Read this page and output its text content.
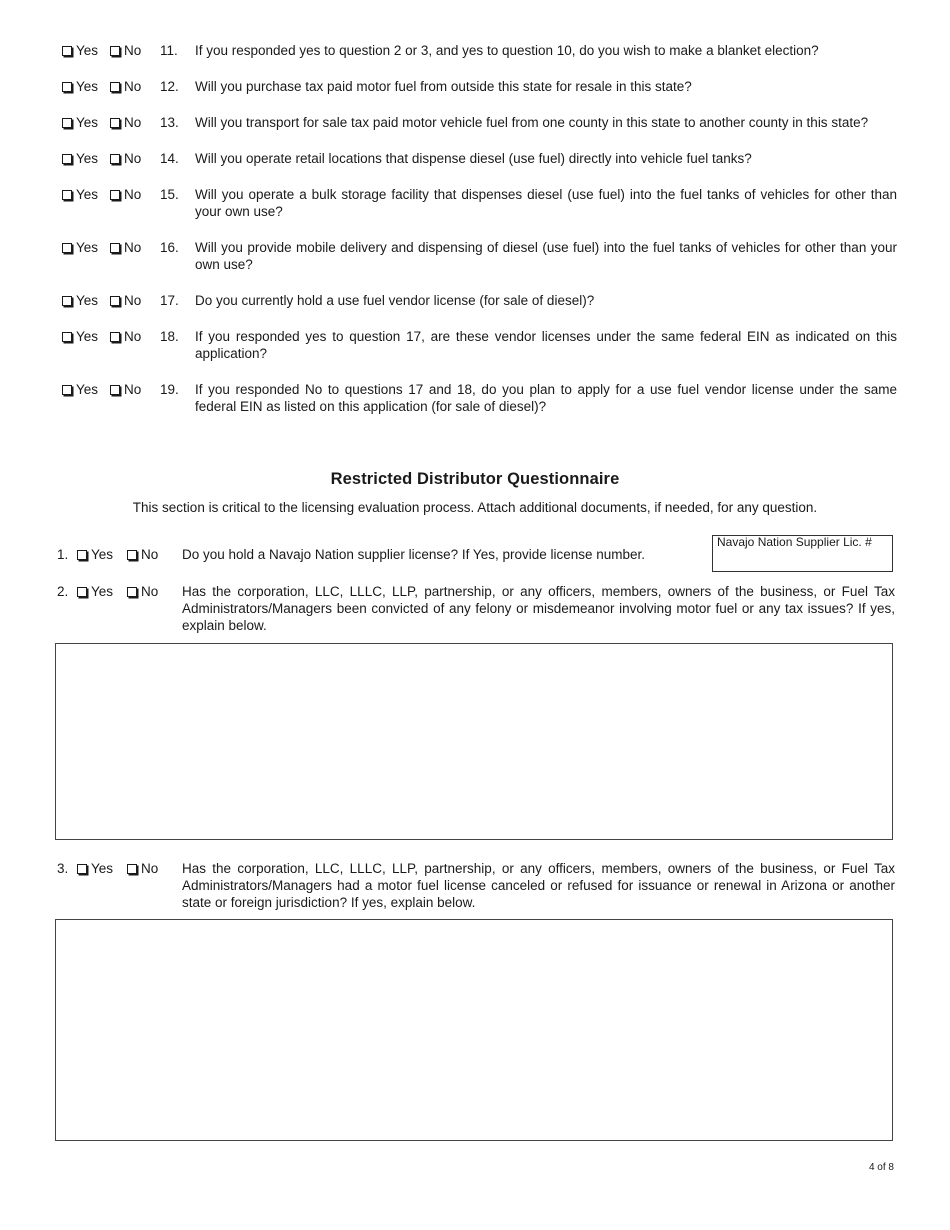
Yes No 11.	If you responded yes to question 2 or 3, and yes to question 10, do you wish to make a blanket election?
Yes No 12.	Will you purchase tax paid motor fuel from outside this state for resale in this state?
Yes No 13.	Will you transport for sale tax paid motor vehicle fuel from one county in this state to another county in this state?
Yes No 14.	Will you operate retail locations that dispense diesel (use fuel) directly into vehicle fuel tanks?
Yes No 15.	Will you operate a bulk storage facility that dispenses diesel (use fuel) into the fuel tanks of vehicles for other than your own use?
Yes No 16.	Will you provide mobile delivery and dispensing of diesel (use fuel) into the fuel tanks of vehicles for other than your own use?
Yes No 17.	Do you currently hold a use fuel vendor license (for sale of diesel)?
Yes No 18.	If you responded yes to question 17, are these vendor licenses under the same federal EIN as indicated on this application?
Yes No 19.	If you responded No to questions 17 and 18, do you plan to apply for a use fuel vendor license under the same federal EIN as listed on this application (for sale of diesel)?
Restricted Distributor Questionnaire
This section is critical to the licensing evaluation process. Attach additional documents, if needed, for any question.
1.	Yes No Do you hold a Navajo Nation supplier license? If Yes, provide license number.
Navajo Nation Supplier Lic. #
2.	Yes No Has the corporation, LLC, LLLC, LLP, partnership, or any officers, members, owners of the business, or Fuel Tax Administrators/Managers been convicted of any felony or misdemeanor involving motor fuel or any tax issues? If yes, explain below.
3.	Yes No Has the corporation, LLC, LLLC, LLP, partnership, or any officers, members, owners of the business, or Fuel Tax Administrators/Managers had a motor fuel license canceled or refused for issuance or renewal in Arizona or another state or foreign jurisdiction? If yes, explain below.
4 of 8
